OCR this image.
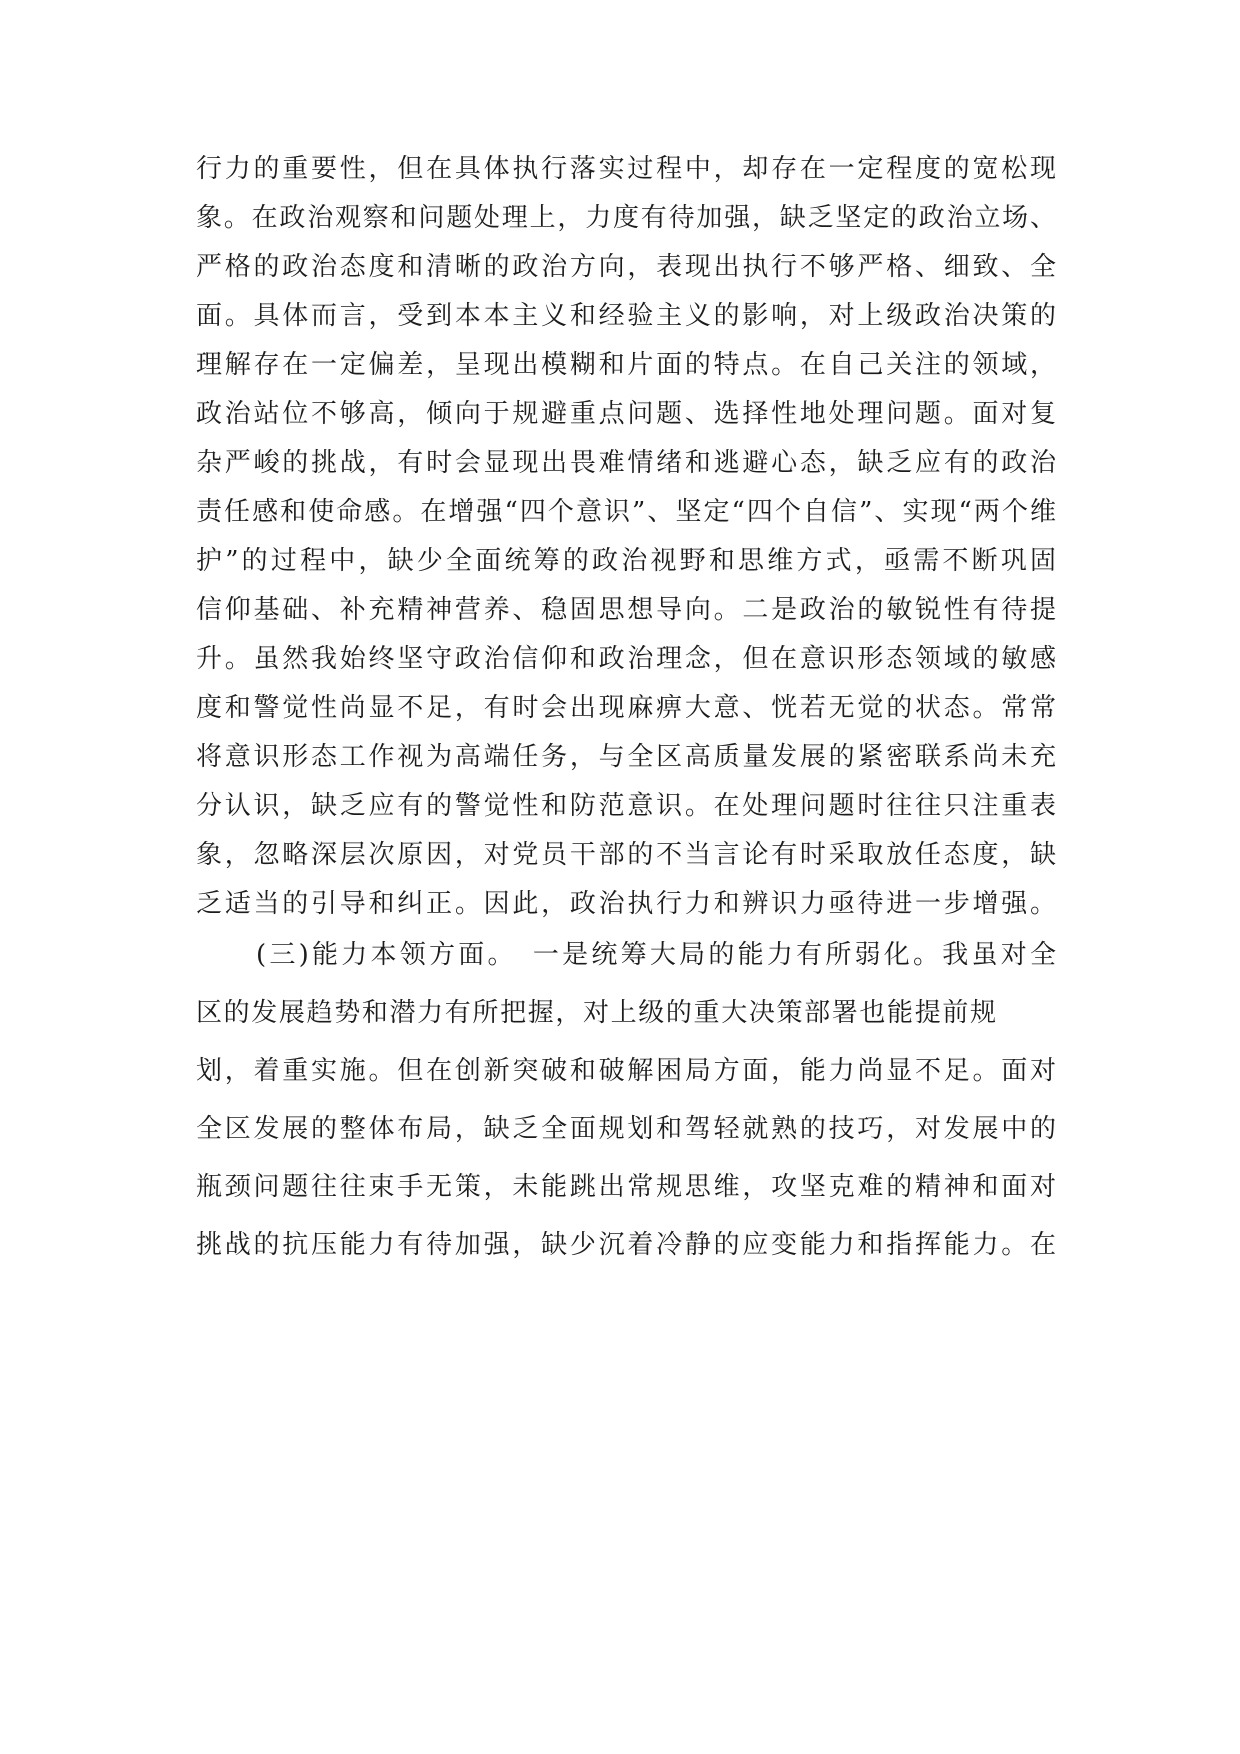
行力的重要性，但在具体执行落实过程中，却存在一定程度的宽松现
象。在政治观察和问题处理上，力度有待加强，缺乏坚定的政治立场、
严格的政治态度和清晰的政治方向，表现出执行不够严格、细致、全
面。具体而言，受到本本主义和经验主义的影响，对上级政治决策的
理解存在一定偏差，呈现出模糊和片面的特点。在自己关注的领域，
政治站位不够高，倾向于规避重点问题、选择性地处理问题。面对复
杂严峻的挑战，有时会显现出畏难情绪和逃避心态，缺乏应有的政治
责任感和使命感。在增强“四个意识”、坚定“四个自信”、实现“两个维
护”的过程中，缺少全面统筹的政治视野和思维方式，亟需不断巩固
信仰基础、补充精神营养、稳固思想导向。二是政治的敏锐性有待提
升。虽然我始终坚守政治信仰和政治理念，但在意识形态领域的敏感
度和警觉性尚显不足，有时会出现麻痹大意、恍若无觉的状态。常常
将意识形态工作视为高端任务，与全区高质量发展的紧密联系尚未充
分认识，缺乏应有的警觉性和防范意识。在处理问题时往往只注重表
象，忽略深层次原因，对党员干部的不当言论有时采取放任态度，缺
乏适当的引导和纠正。因此，政治执行力和辨识力亟待进一步增强。
(三)能力本领方面。　一是统筹大局的能力有所弱化。我虽对全
区的发展趋势和潜力有所把握，对上级的重大决策部署也能提前规
划，着重实施。但在创新突破和破解困局方面，能力尚显不足。面对
全区发展的整体布局，缺乏全面规划和驾轻就熟的技巧，对发展中的
瓶颈问题往往束手无策，未能跳出常规思维，攻坚克难的精神和面对
挑战的抗压能力有待加强，缺少沉着冷静的应变能力和指挥能力。在
